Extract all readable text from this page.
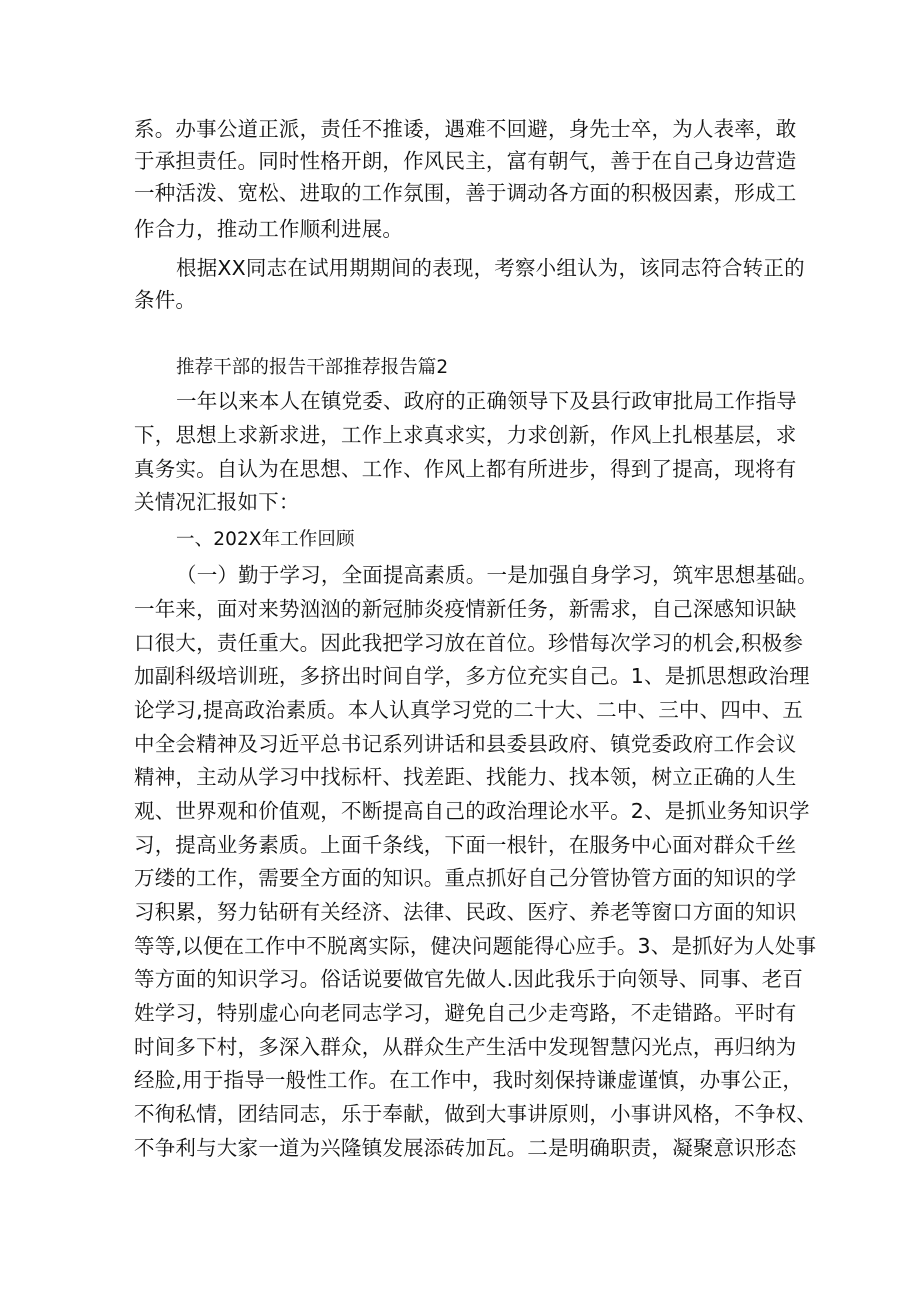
系。办事公道正派，责任不推诿，遇难不回避，身先士卒，为人表率，敢
于承担责任。同时性格开朗，作风民主，富有朝气，善于在自己身边营造
一种活泼、宽松、进取的工作氛围，善于调动各方面的积极因素，形成工
作合力，推动工作顺利进展。
根据XX同志在试用期期间的表现，考察小组认为，该同志符合转正的
条件。
推荐干部的报告干部推荐报告篇2
一年以来本人在镇党委、政府的正确领导下及县行政审批局工作指导
下，思想上求新求进，工作上求真求实，力求创新，作风上扎根基层，求
真务实。自认为在思想、工作、作风上都有所进步，得到了提高，现将有
关情况汇报如下：
一、202X年工作回顾
（一）勤于学习，全面提高素质。一是加强自身学习，筑牢思想基础。
一年来，面对来势汹汹的新冠肺炎疫情新任务，新需求，自己深感知识缺
口很大，责任重大。因此我把学习放在首位。珍惜每次学习的机会,积极参
加副科级培训班，多挤出时间自学，多方位充实自己。1、是抓思想政治理
论学习,提高政治素质。本人认真学习党的二十大、二中、三中、四中、五
中全会精神及习近平总书记系列讲话和县委县政府、镇党委政府工作会议
精神，主动从学习中找标杆、找差距、找能力、找本领，树立正确的人生
观、世界观和价值观，不断提高自己的政治理论水平。2、是抓业务知识学
习，提高业务素质。上面千条线，下面一根针，在服务中心面对群众千丝
万缕的工作，需要全方面的知识。重点抓好自己分管协管方面的知识的学
习积累，努力钻研有关经济、法律、民政、医疗、养老等窗口方面的知识
等等,以便在工作中不脱离实际，健决问题能得心应手。3、是抓好为人处事
等方面的知识学习。俗话说要做官先做人.因此我乐于向领导、同事、老百
姓学习，特别虚心向老同志学习，避免自己少走弯路，不走错路。平时有
时间多下村，多深入群众，从群众生产生活中发现智慧闪光点，再归纳为
经脸,用于指导一般性工作。在工作中，我时刻保持谦虚谨慎，办事公正，
不徇私情，团结同志，乐于奉献，做到大事讲原则，小事讲风格，不争权、
不争利与大家一道为兴隆镇发展添砖加瓦。二是明确职责，凝聚意识形态
